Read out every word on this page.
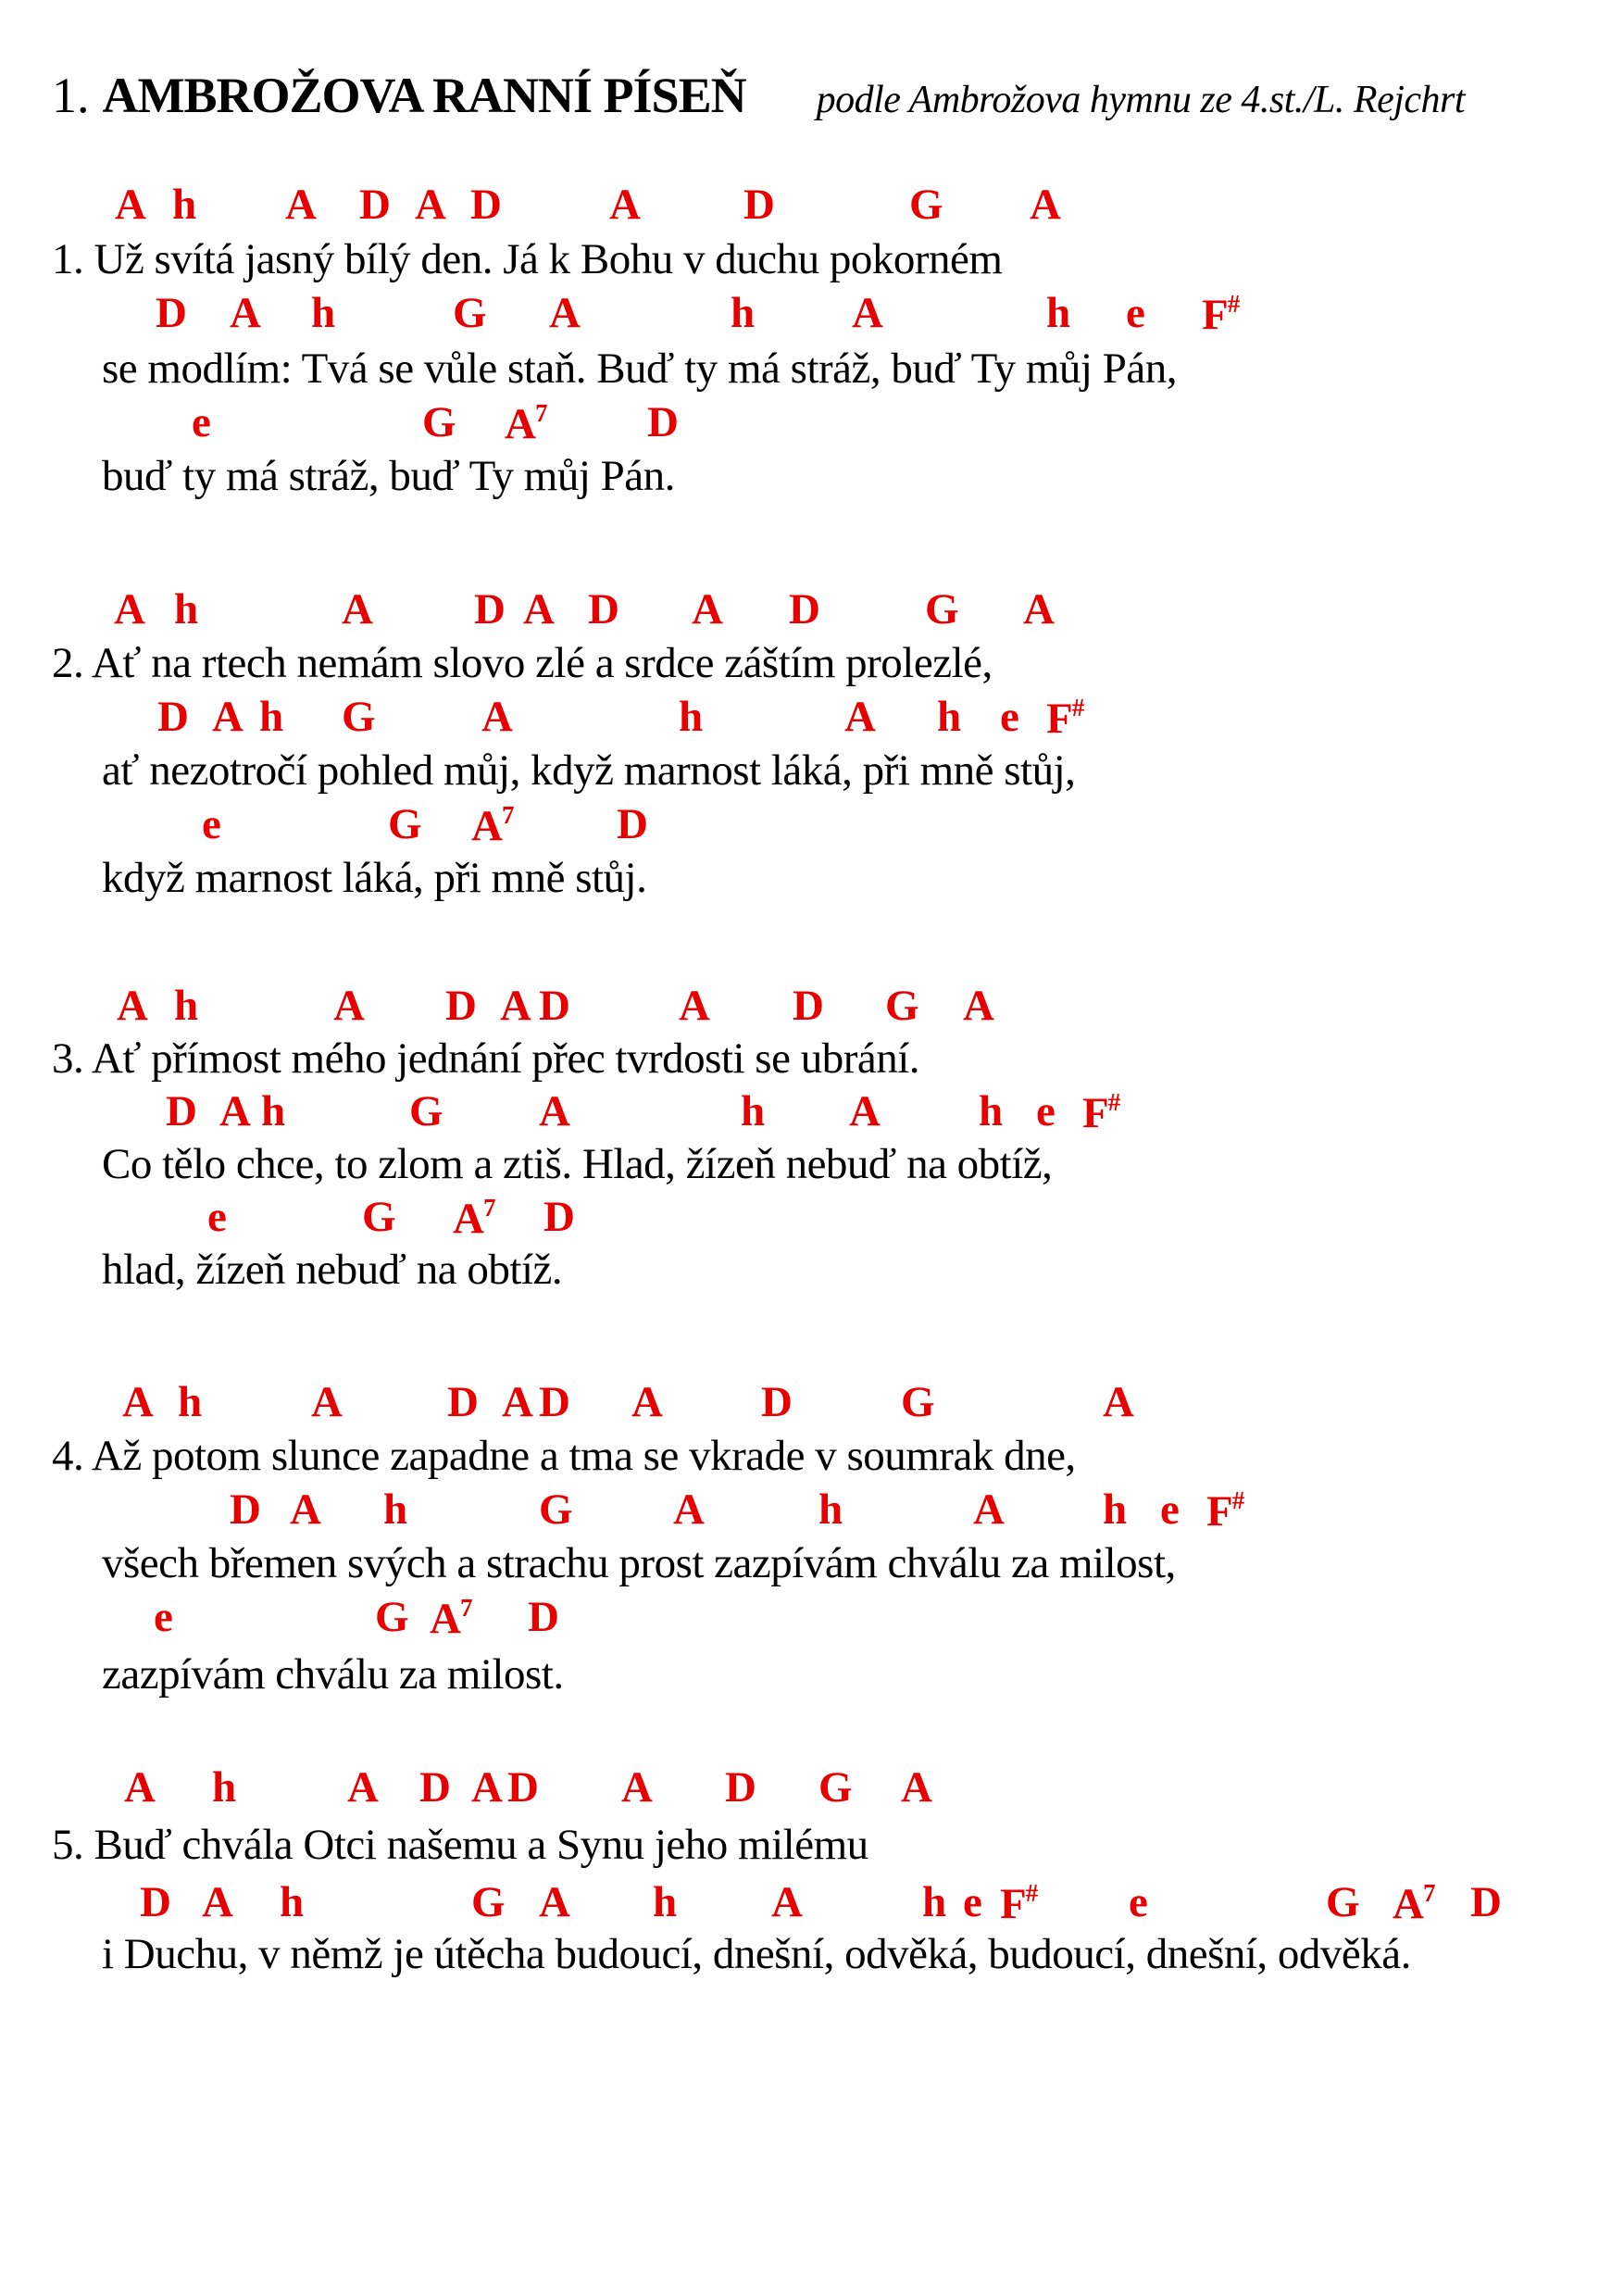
1. AMBROŽOVA RANNÍ PÍSEŇ podle Ambrožova hymnu ze 4.st./L. Rejchrt
A h A D A D A D	G A
1. Už svítá jasný bílý den. Já k Bohu v duchu pokorném
D A h	G A	h A	h e F#
se modlím: Tvá se vůle staň. Buď ty má stráž, buď Ty můj Pán,
e	G $A^7$ D
buď ty má stráž, buď Ty můj Pán.
A h	A D A D A D G A
2. Ať na rtech nemám slovo zlé a srdce záštím prolezlé,
D A h G A	h	A h e F#
ať nezotročí pohled můj, když marnost láká, při mně stůj,
e	G $A^7$ D
když marnost láká, při mně stůj.
A h	A D A D	A D G A
3. Ať přímost mého jednání přec tvrdosti se ubrání.
D A h	G A	h A h e F#
Co tělo chce, to zlom a ztiš. Hlad, žízeň nebuď na obtíž,
e	G $A^7$ D
hlad, žízeň nebuď na obtíž.
A h	A D A D A D	G	A
4. Až potom slunce zapadne a tma se vkrade v soumrak dne,
D A h	G A	h	A h e F#
všech břemen svých a strachu prost zazpívám chválu za milost,
e	G $A^7$ D
zazpívám chválu za milost.
A h	A D A D A D G A
5. Buď chvála Otci našemu a Synu jeho milému
D A h	G A h A	h e F# e	G $A^7$ D
i Duchu, v němž je útěcha budoucí, dnešní, odvěká, budoucí, dnešní, odvěká.
